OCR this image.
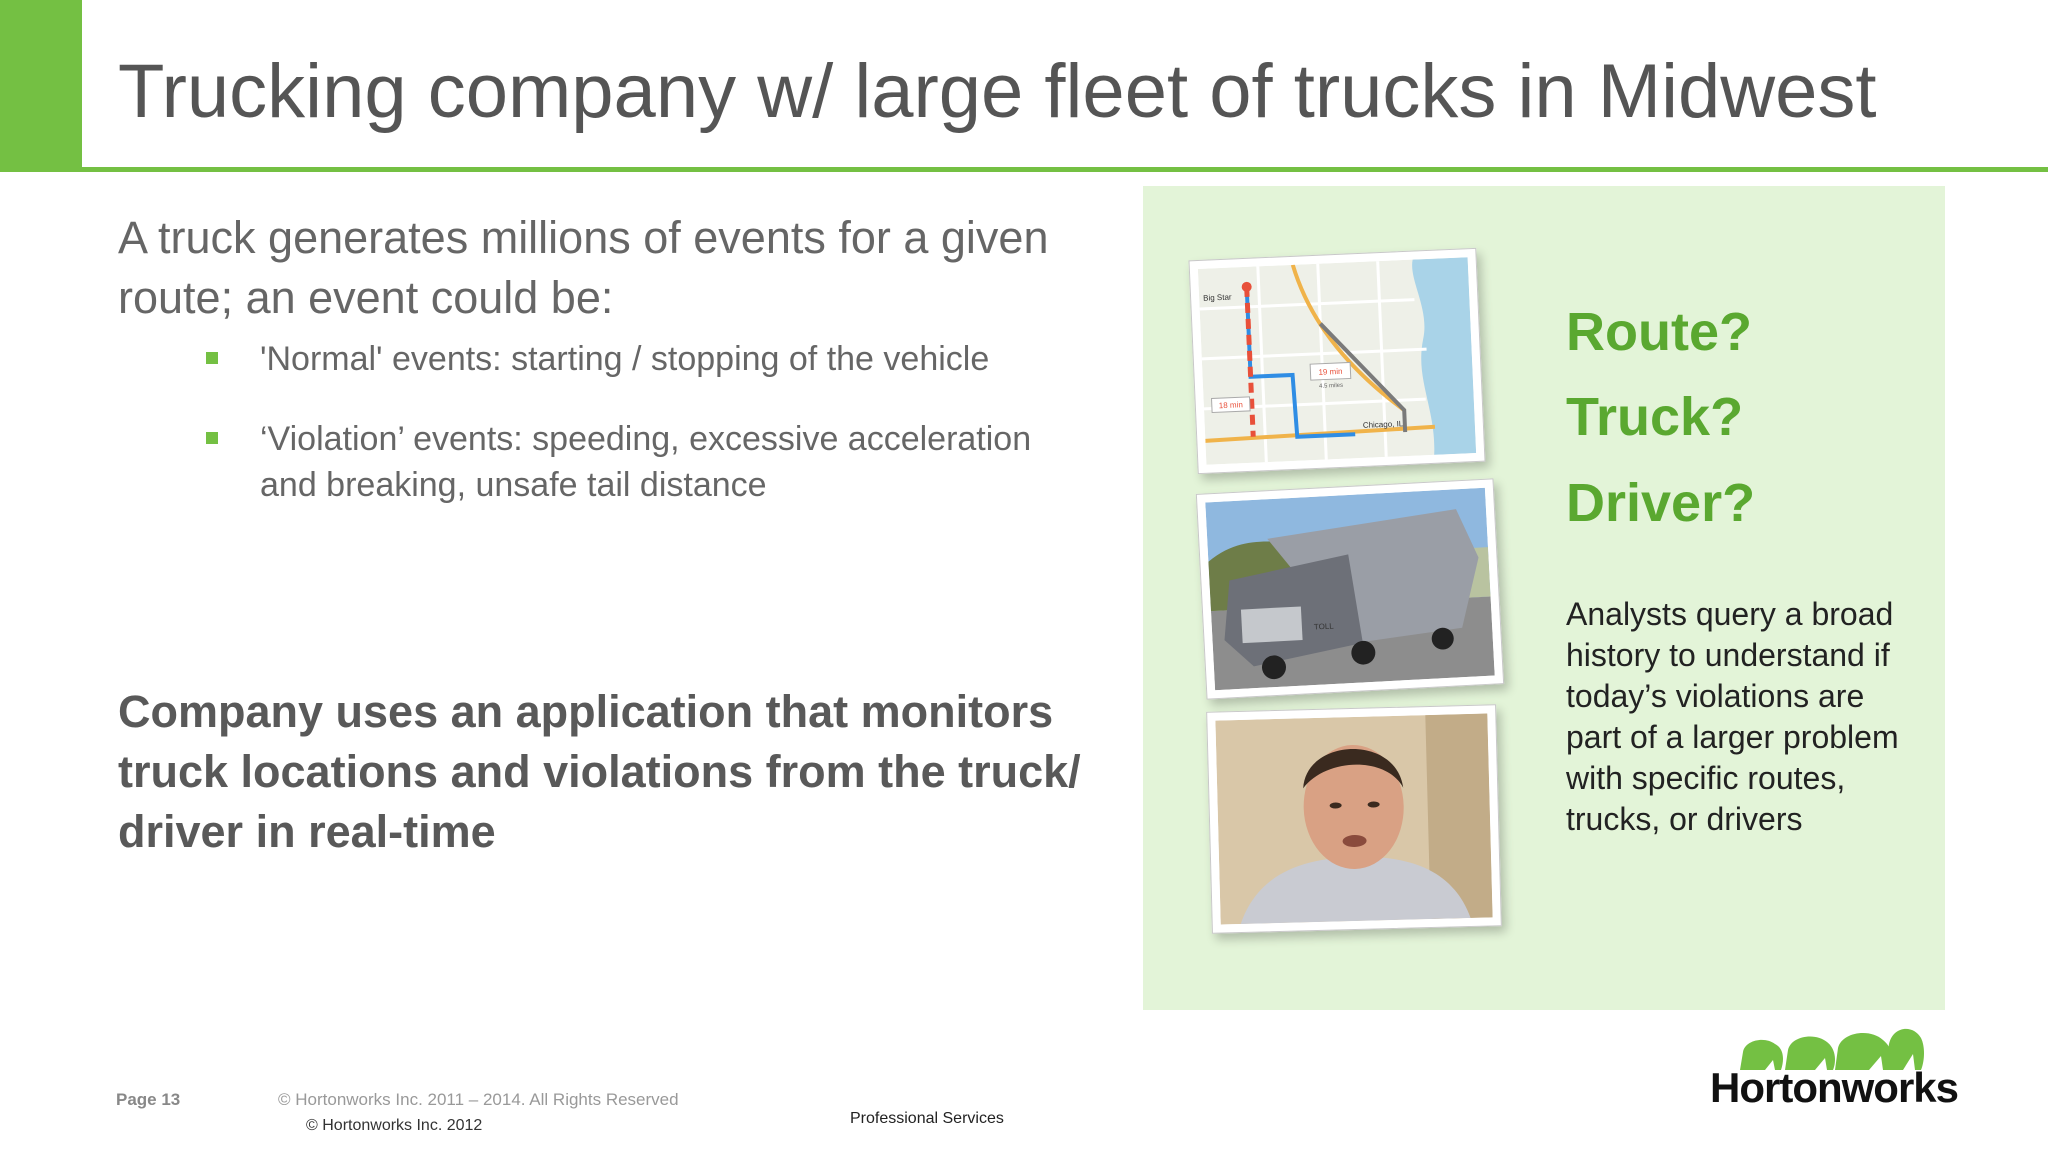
Trucking company w/ large fleet of trucks in Midwest

A truck generates millions of events for a given route; an event could be:

'Normal' events: starting / stopping of the vehicle
‘Violation’ events: speeding, excessive acceleration and breaking, unsafe tail distance

Company uses an application that monitors truck locations and violations from the truck/ driver in real-time

19 min
4.5 miles
18 min
Big Star
Chicago, IL
TOLL

Route?

Truck?

Driver?

Analysts query a broad history to understand if today’s violations are part of a larger problem with specific routes, trucks, or drivers

Page 13	© Hortonworks Inc. 2011 – 2014. All Rights Reserved
© Hortonworks Inc. 2012	Professional Services
Hortonworks
